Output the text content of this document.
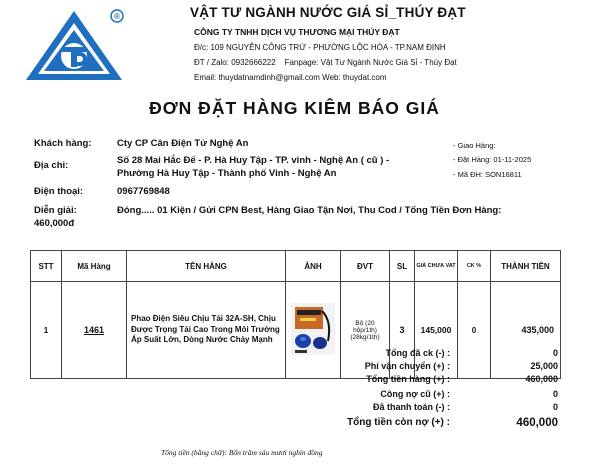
®	VẬT TƯ NGÀNH NƯỚC GIÁ SỈ_THÚY ĐẠT
CÔNG TY TNHH DỊCH VỤ THƯƠNG MẠI THÚY ĐẠT
Đ/c: 109 NGUYỄN CÔNG TRỨ - PHƯỜNG LỘC HÒA - TP.NAM ĐỊNH
ĐT / Zalo: 0932666222    Fanpage: Vật Tư Ngành Nước Giá Sỉ - Thúy Đạt
Email: thuydatnamdinh@gmail.com Web: thuydat.com
ĐƠN ĐẶT HÀNG KIÊM BÁO GIÁ
Khách hàng:	Cty CP Cân Điện Tử Nghệ An
Địa chỉ:	Số 28 Mai Hắc Đế - P. Hà Huy Tập - TP. vinh - Nghệ An ( cũ ) -
Phường Hà Huy Tập - Thành phố Vinh - Nghệ An
Điện thoại:	0967769848
Diễn giải:	Đóng..... 01 Kiện / Gửi CPN Best, Hàng Giao Tận Nơi, Thu Cod / Tổng Tiền Đơn Hàng:
460,000đ
- Giao Hàng:
- Đặt Hàng: 01-11-2025
- Mã ĐH: SON16811
STT	Mã Hàng	TÊN HÀNG	ẢNH	ĐVT	SL	GIÁ CHƯA VAT	CK %	THÀNH TIỀN
1	1461	Phao Điện Siêu Chịu Tải 32A-SH, Chịu Được Trọng Tải Cao Trong Môi Trường Áp Suất Lớn, Dòng Nước Chảy Mạnh		Bộ (20 hộp/1th) (28kg/1th)	3	145,000	0	435,000
Tổng đã ck (-) :	0
Phí vận chuyển (+) :	25,000
Tổng tiền hàng (+) :	460,000
Công nợ cũ (+) :	0
Đã thanh toán (-) :	0
Tổng tiền còn nợ (+) :	460,000
Tổng tiền (bằng chữ): Bốn trăm sáu mươi nghìn đồng
